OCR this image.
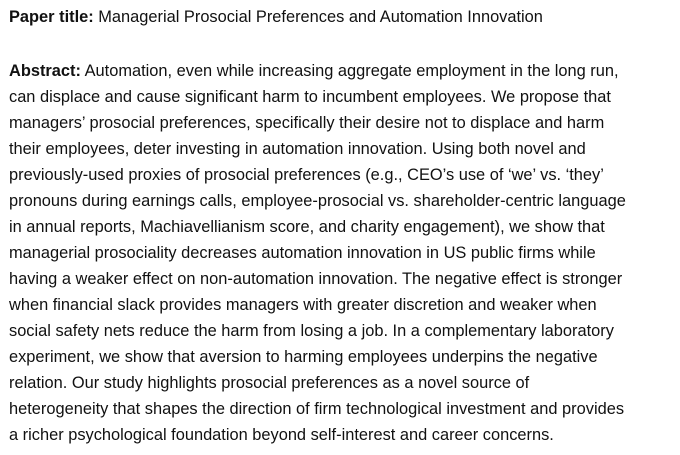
Paper title: Managerial Prosocial Preferences and Automation Innovation

Abstract: Automation, even while increasing aggregate employment in the long run,
can displace and cause significant harm to incumbent employees. We propose that
managers’ prosocial preferences, specifically their desire not to displace and harm
their employees, deter investing in automation innovation. Using both novel and
previously-used proxies of prosocial preferences (e.g., CEO’s use of ‘we’ vs. ‘they’
pronouns during earnings calls, employee-prosocial vs. shareholder-centric language
in annual reports, Machiavellianism score, and charity engagement), we show that
managerial prosociality decreases automation innovation in US public firms while
having a weaker effect on non-automation innovation. The negative effect is stronger
when financial slack provides managers with greater discretion and weaker when
social safety nets reduce the harm from losing a job. In a complementary laboratory
experiment, we show that aversion to harming employees underpins the negative
relation. Our study highlights prosocial preferences as a novel source of
heterogeneity that shapes the direction of firm technological investment and provides
a richer psychological foundation beyond self-interest and career concerns.
